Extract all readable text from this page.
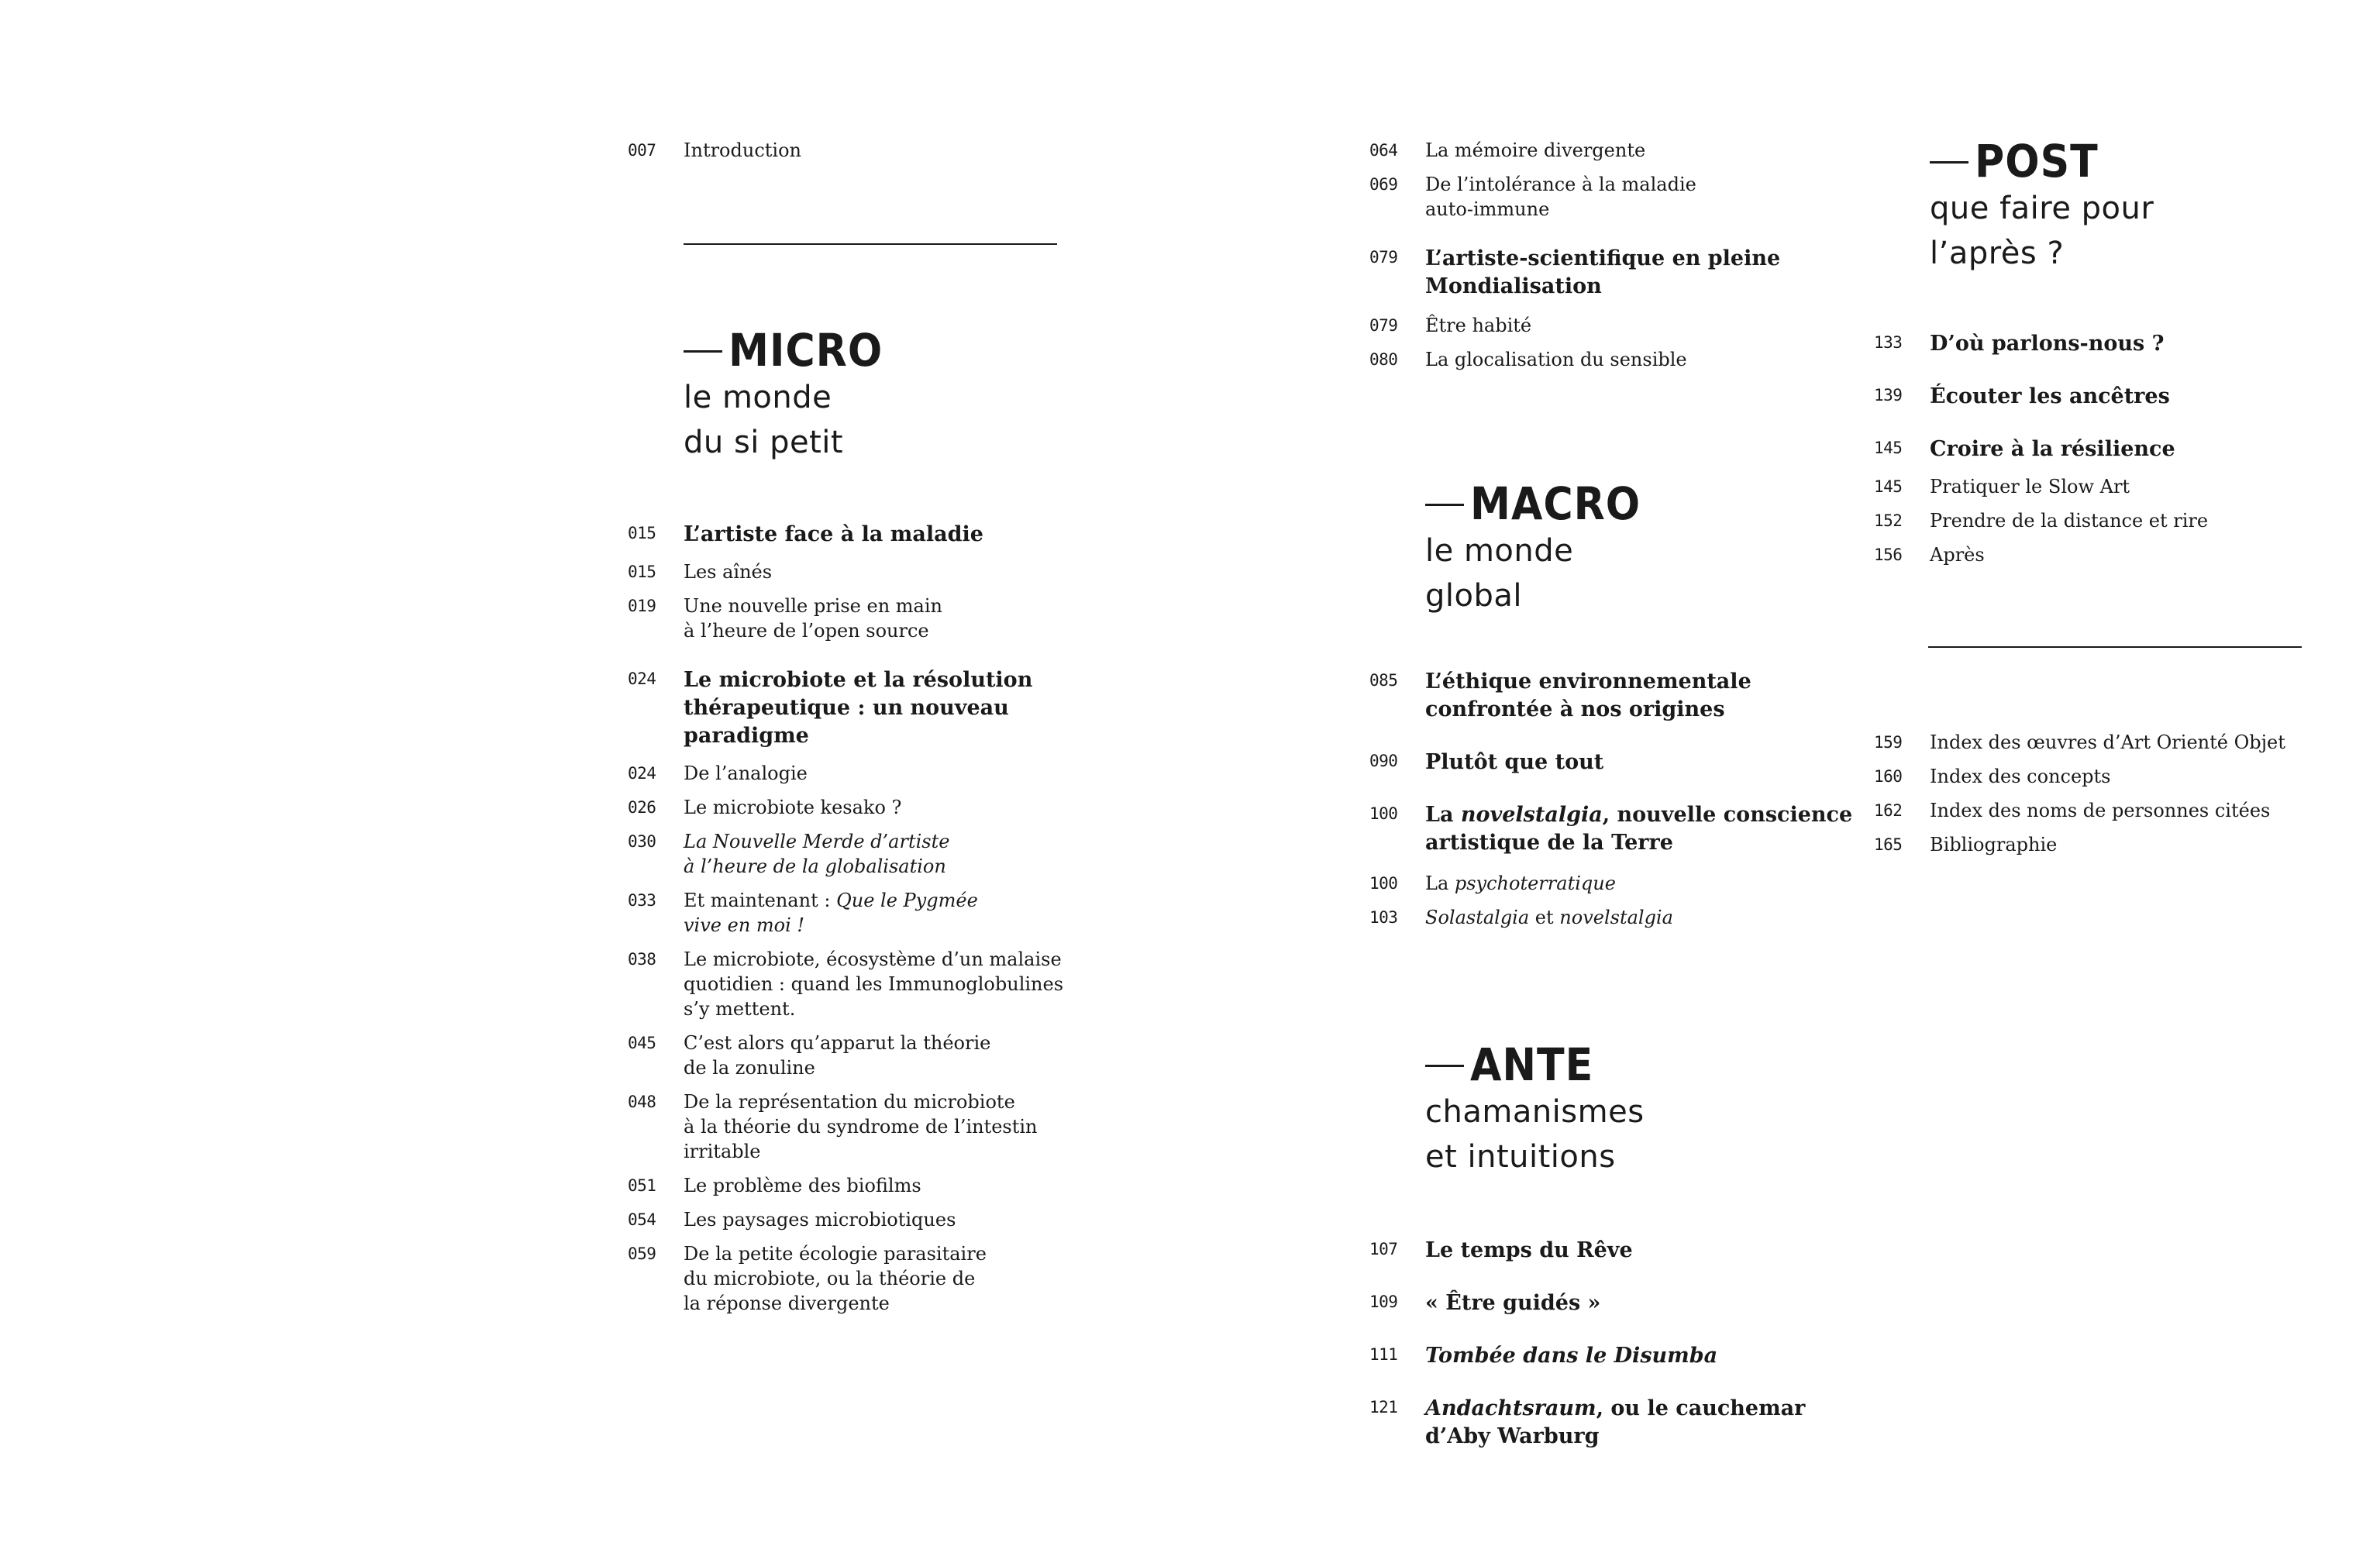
007 Introduction
MICRO
le monde
du si petit
015 L’artiste face à la maladie
015 Les aînés
019 Une nouvelle prise en main
à l’heure de l’open source
024 Le microbiote et la résolution
thérapeutique : un nouveau
paradigme
024 De l’analogie
026 Le microbiote kesako ?
030 La Nouvelle Merde d’artiste
à l’heure de la globalisation
033 Et maintenant : Que le Pygmée
vive en moi !
038 Le microbiote, écosystème d’un malaise
quotidien : quand les Immunoglobulines
s’y mettent.
045 C’est alors qu’apparut la théorie
de la zonuline
048 De la représentation du microbiote
à la théorie du syndrome de l’intestin
irritable
051 Le problème des biofilms
054 Les paysages microbiotiques
059 De la petite écologie parasitaire
du microbiote, ou la théorie de
la réponse divergente
064 La mémoire divergente
069 De l’intolérance à la maladie
auto-immune
079 L’artiste-scientifique en pleine
Mondialisation
079 Être habité
080 La glocalisation du sensible
MACRO
le monde
global
085 L’éthique environnementale
confrontée à nos origines
090 Plutôt que tout
100 La novelstalgia, nouvelle conscience
artistique de la Terre
100 La psychoterratique
103 Solastalgia et novelstalgia
ANTE
chamanismes
et intuitions
107 Le temps du Rêve
109 « Être guidés »
111 Tombée dans le Disumba
121 Andachtsraum, ou le cauchemar
d’Aby Warburg
POST
que faire pour
l’après ?
133 D’où parlons-nous ?
139 Écouter les ancêtres
145 Croire à la résilience
145 Pratiquer le Slow Art
152 Prendre de la distance et rire
156 Après
159 Index des œuvres d’Art Orienté Objet
160 Index des concepts
162 Index des noms de personnes citées
165 Bibliographie
